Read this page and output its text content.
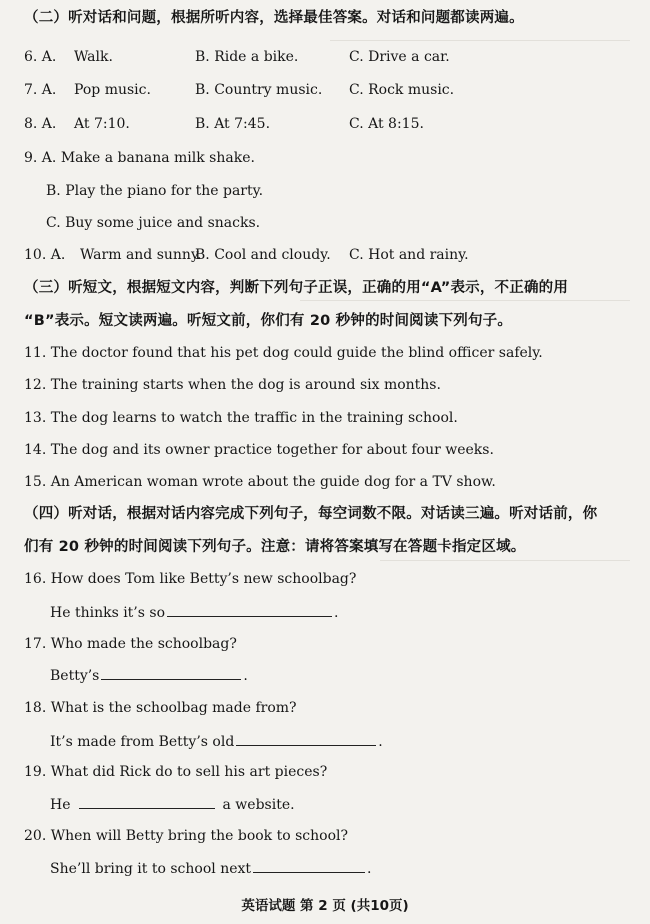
（二）听对话和问题，根据所听内容，选择最佳答案。对话和问题都读两遍。
6. A. Walk.	B. Ride a bike.	C. Drive a car.
7. A. Pop music.	B. Country music. C. Rock music.
8. A. At 7:10.	B. At 7:45.	C. At 8:15.
9. A. Make a banana milk shake.
B. Play the piano for the party.
C. Buy some juice and snacks.
10. A. Warm and sunny.
B. Cool and cloudy. C. Hot and rainy.
（三）听短文，根据短文内容，判断下列句子正误，正确的用“A”表示，不正确的用
“B”表示。短文读两遍。听短文前，你们有 20 秒钟的时间阅读下列句子。
11. The doctor found that his pet dog could guide the blind officer safely.
12. The training starts when the dog is around six months.
13. The dog learns to watch the traffic in the training school.
14. The dog and its owner practice together for about four weeks.
15. An American woman wrote about the guide dog for a TV show.
（四）听对话，根据对话内容完成下列句子，每空词数不限。对话读三遍。听对话前，你
们有 20 秒钟的时间阅读下列句子。注意：请将答案填写在答题卡指定区域。
16. How does Tom like Betty’s new schoolbag?
He thinks it’s so	.
17. Who made the schoolbag?
Betty’s	.
18. What is the schoolbag made from?
It’s made from Betty’s old	.
19. What did Rick do to sell his art pieces?
He	a website.
20. When will Betty bring the book to school?
She’ll bring it to school next	.
英语试题 第 2 页 (共10页)
